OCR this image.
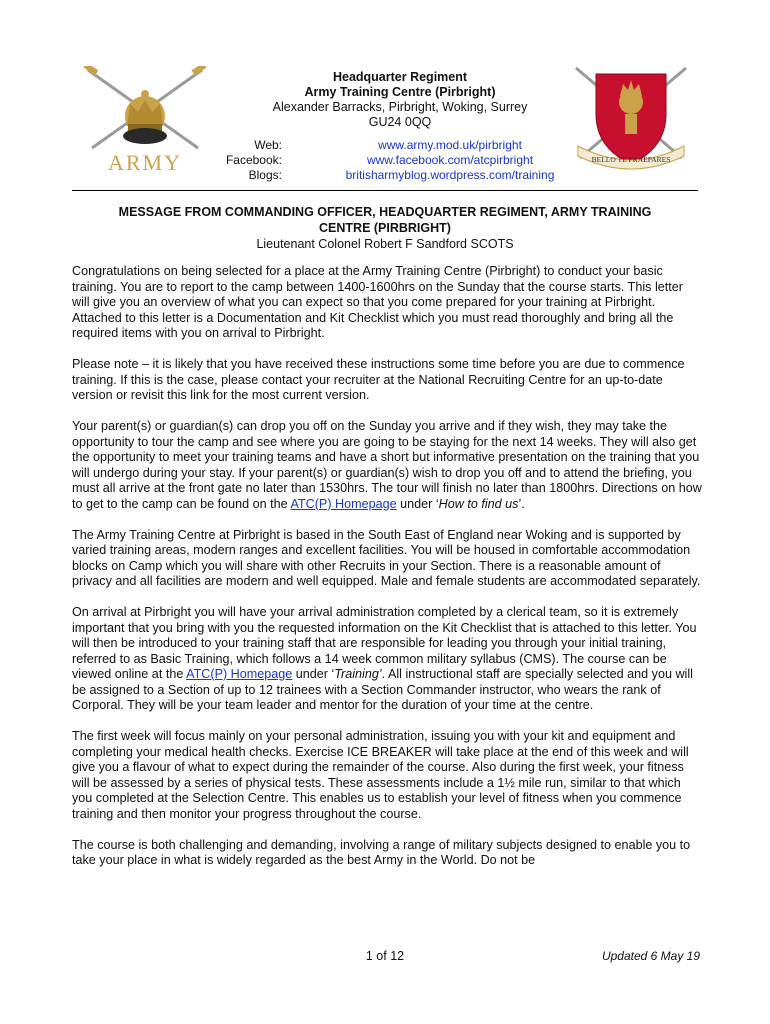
ARMY	BELLO TE PRAEPARES
Headquarter Regiment
Army Training Centre (Pirbright)
Alexander Barracks, Pirbright, Woking, Surrey
GU24 0QQ
Web:	www.army.mod.uk/pirbright
Facebook:	www.facebook.com/atcpirbright
Blogs:	britisharmyblog.wordpress.com/training
MESSAGE FROM COMMANDING OFFICER, HEADQUARTER REGIMENT, ARMY TRAINING
CENTRE (PIRBRIGHT)
Lieutenant Colonel Robert F Sandford SCOTS

Congratulations on being selected for a place at the Army Training Centre (Pirbright) to conduct your basic training. You are to report to the camp between 1400-1600hrs on the Sunday that the course starts. This letter will give you an overview of what you can expect so that you come prepared for your training at Pirbright. Attached to this letter is a Documentation and Kit Checklist which you must read thoroughly and bring all the required items with you on arrival to Pirbright.

Please note – it is likely that you have received these instructions some time before you are due to commence training. If this is the case, please contact your recruiter at the National Recruiting Centre for an up-to-date version or revisit this link for the most current version.

Your parent(s) or guardian(s) can drop you off on the Sunday you arrive and if they wish, they may take the opportunity to tour the camp and see where you are going to be staying for the next 14 weeks. They will also get the opportunity to meet your training teams and have a short but informative presentation on the training that you will undergo during your stay. If your parent(s) or guardian(s) wish to drop you off and to attend the briefing, you must all arrive at the front gate no later than 1530hrs. The tour will finish no later than 1800hrs. Directions on how to get to the camp can be found on the ATC(P) Homepage under ‘How to find us’.

The Army Training Centre at Pirbright is based in the South East of England near Woking and is supported by varied training areas, modern ranges and excellent facilities. You will be housed in comfortable accommodation blocks on Camp which you will share with other Recruits in your Section. There is a reasonable amount of privacy and all facilities are modern and well equipped. Male and female students are accommodated separately.

On arrival at Pirbright you will have your arrival administration completed by a clerical team, so it is extremely important that you bring with you the requested information on the Kit Checklist that is attached to this letter. You will then be introduced to your training staff that are responsible for leading you through your initial training, referred to as Basic Training, which follows a 14 week common military syllabus (CMS). The course can be viewed online at the ATC(P) Homepage under ‘Training’. All instructional staff are specially selected and you will be assigned to a Section of up to 12 trainees with a Section Commander instructor, who wears the rank of Corporal. They will be your team leader and mentor for the duration of your time at the centre.

The first week will focus mainly on your personal administration, issuing you with your kit and equipment and completing your medical health checks. Exercise ICE BREAKER will take place at the end of this week and will give you a flavour of what to expect during the remainder of the course. Also during the first week, your fitness will be assessed by a series of physical tests. These assessments include a 1½ mile run, similar to that which you completed at the Selection Centre. This enables us to establish your level of fitness when you commence training and then monitor your progress throughout the course.

The course is both challenging and demanding, involving a range of military subjects designed to enable you to take your place in what is widely regarded as the best Army in the World. Do not be

1 of 12	Updated 6 May 19
